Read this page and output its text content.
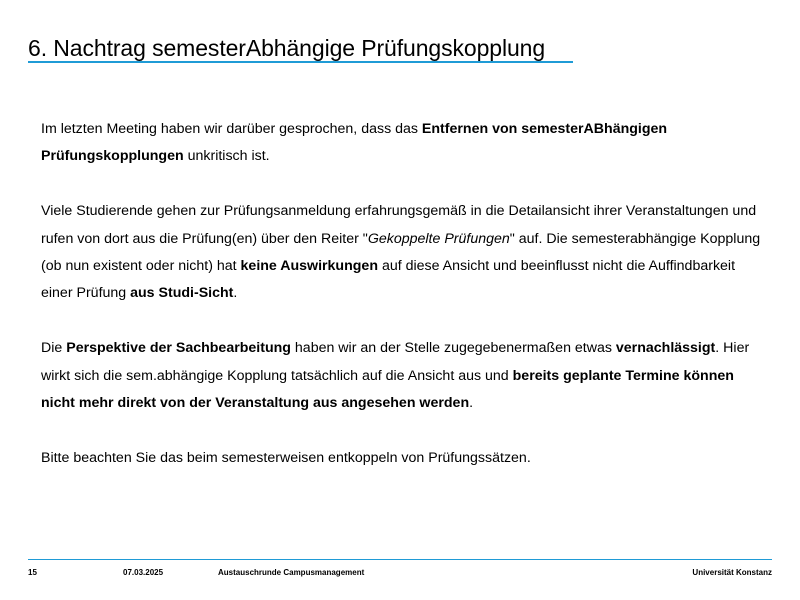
6. Nachtrag semesterAbhängige Prüfungskopplung

Im letzten Meeting haben wir darüber gesprochen, dass das Entfernen von semesterABhängigen Prüfungskopplungen unkritisch ist.

Viele Studierende gehen zur Prüfungsanmeldung erfahrungsgemäß in die Detailansicht ihrer Veranstaltungen und rufen von dort aus die Prüfung(en) über den Reiter "Gekoppelte Prüfungen" auf. Die semesterabhängige Kopplung (ob nun existent oder nicht) hat keine Auswirkungen auf diese Ansicht und beeinflusst nicht die Auffindbarkeit einer Prüfung aus Studi-Sicht.

Die Perspektive der Sachbearbeitung haben wir an der Stelle zugegebenermaßen etwas vernachlässigt. Hier wirkt sich die sem.abhängige Kopplung tatsächlich auf die Ansicht aus und bereits geplante Termine können nicht mehr direkt von der Veranstaltung aus angesehen werden.

Bitte beachten Sie das beim semesterweisen entkoppeln von Prüfungssätzen.

15	07.03.2025	Austauschrunde Campusmanagement	Universität Konstanz
